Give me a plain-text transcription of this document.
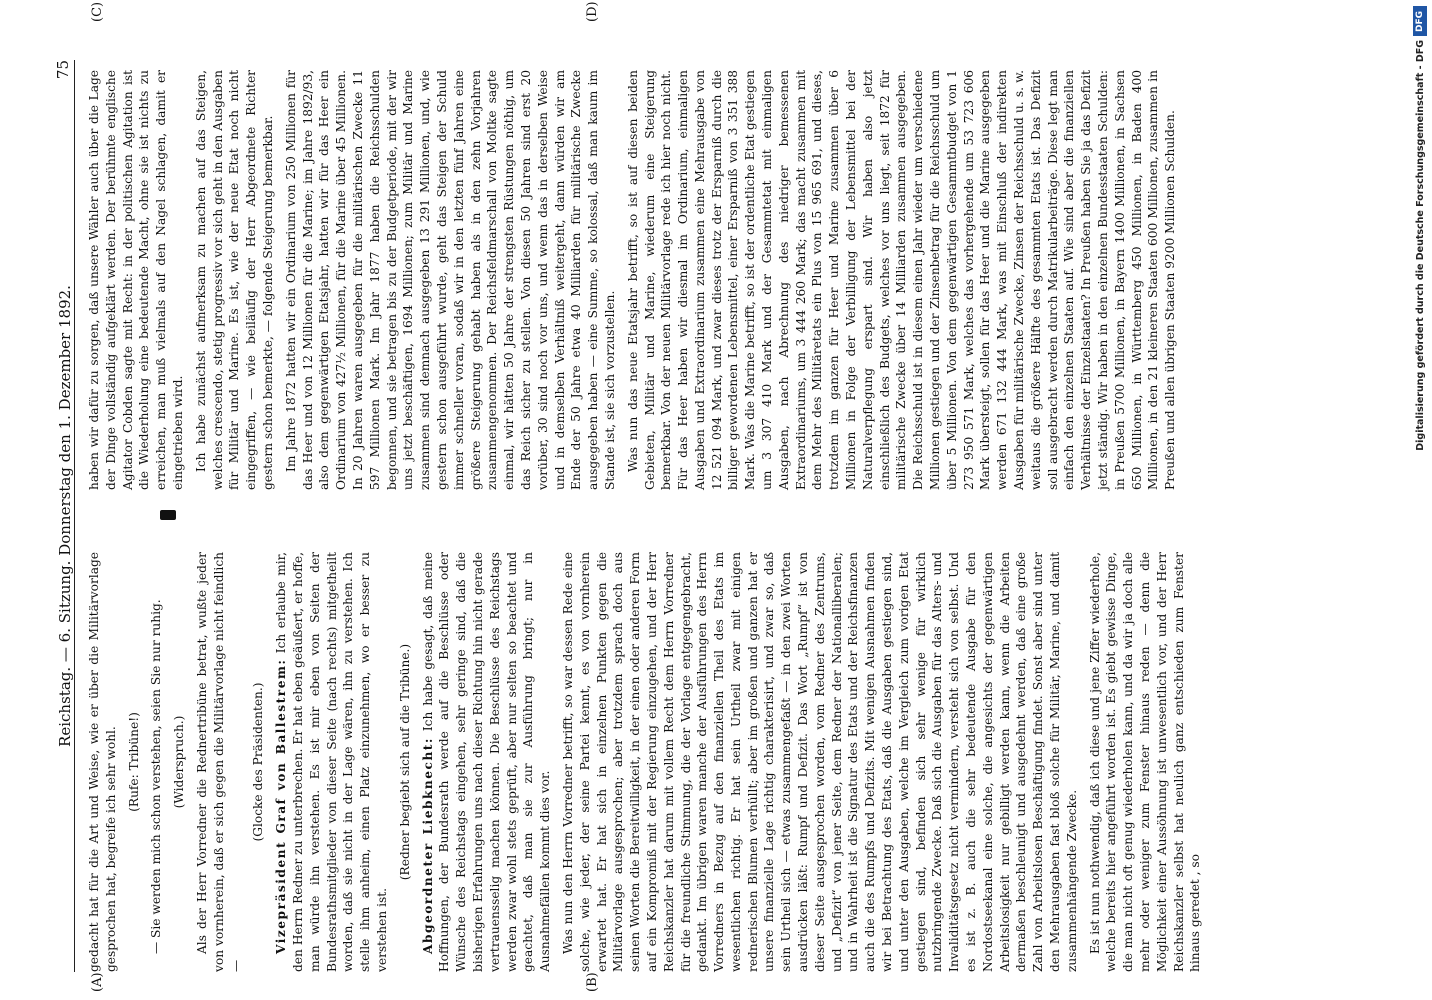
Reichstag. — 6. Sitzung. Donnerstag den 1. Dezember 1892.
75
(A)	(B)
(C)	(D)

gedacht hat für die Art und Weise, wie er über die Militärvorlage gesprochen hat, begreife ich sehr wohl. (Rufe: Tribüne!) — Sie werden mich schon verstehen, seien Sie nur ruhig. (Widerspruch.) Als der Herr Vorredner die Rednertribüne betrat, wußte jeder von vornherein, daß er sich gegen die Militärvorlage nicht feindlich —

(Glocke des Präsidenten.) Vizepräsident Graf von Ballestrem: Ich erlaube mir, den Herrn Redner zu unterbrechen. Er hat eben geäußert, er hoffe, man würde ihn verstehen. Es ist mir eben von Seiten der Bundesrathsmitglieder von dieser Seite (nach rechts) mitgetheilt worden, daß sie nicht in der Lage wären, ihn zu verstehen. Ich stelle ihm anheim, einen Platz einzunehmen, wo er besser zu verstehen ist.

(Redner begiebt sich auf die Tribüne.) Abgeordneter Liebknecht: Ich habe gesagt, daß meine Hoffnungen, der Bundesrath werde auf die Beschlüsse oder Wünsche des Reichstags eingehen, sehr geringe sind, daß die bisherigen Erfahrungen uns nach dieser Richtung hin nicht gerade vertrauensselig machen können. Die Beschlüsse des Reichstags werden zwar wohl stets geprüft, aber nur selten so beachtet und geachtet, daß man sie zur Ausführung bringt; nur in Ausnahmefällen kommt dies vor. Was nun den Herrn Vorredner betrifft, so war dessen Rede eine solche, wie jeder, der seine Partei kennt, es von vornherein erwartet hat. Er hat sich in einzelnen Punkten gegen die Militärvorlage ausgesprochen; aber trotzdem sprach doch aus seinen Worten die Bereitwilligkeit, in der einen oder anderen Form auf ein Kompromiß mit der Regierung einzugehen, und der Herr Reichskanzler hat darum mit vollem Recht dem Herrn Vorredner für die freundliche Stimmung, die der Vorlage entgegengebracht, gedankt. Im übrigen waren manche der Ausführungen des Herrn Vorredners in Bezug auf den finanziellen Theil des Etats im wesentlichen richtig. Er hat sein Urtheil zwar mit einigen rednerischen Blumen verhüllt; aber im großen und ganzen hat er unsere finanzielle Lage richtig charakterisirt, und zwar so, daß sein Urtheil sich — etwas zusammengefaßt — in den zwei Worten ausdrücken läßt: Rumpf und Defizit. Das Wort „Rumpf“ ist von dieser Seite ausgesprochen worden, vom Redner des Zentrums, und „Defizit“ von jener Seite, dem Redner der Nationalliberalen; und in Wahrheit ist die Signatur des Etats und der Reichsfinanzen auch die des Rumpfs und Defizits. Mit wenigen Ausnahmen finden wir bei Betrachtung des Etats, daß die Ausgaben gestiegen sind, und unter den Ausgaben, welche im Vergleich zum vorigen Etat gestiegen sind, befinden sich sehr wenige für wirklich nutzbringende Zwecke. Daß sich die Ausgaben für das Alters- und Invaliditätsgesetz nicht vermindern, versteht sich von selbst. Und es ist z. B. auch die sehr bedeutende Ausgabe für den Nordostseekanal eine solche, die angesichts der gegenwärtigen Arbeitslosigkeit nur gebilligt werden kann, wenn die Arbeiten dermaßen beschleunigt und ausgedehnt werden, daß eine große Zahl von Arbeitslosen Beschäftigung findet. Sonst aber sind unter den Mehrausgaben fast bloß solche für Militär, Marine, und damit zusammenhängende Zwecke. Es ist nun nothwendig, daß ich diese und jene Ziffer wiederhole, welche bereits hier angeführt worden ist. Es giebt gewisse Dinge, die man nicht oft genug wiederholen kann, und da wir ja doch alle mehr oder weniger zum Fenster hinaus reden — denn die Möglichkeit einer Aussöhnung ist unwesentlich vor, und der Herr Reichskanzler selbst hat neulich ganz entschieden zum Fenster hinaus geredet , so

haben wir dafür zu sorgen, daß unsere Wähler auch über die Lage der Dinge vollständig aufgeklärt werden. Der berühmte englische Agitator Cobden sagte mit Recht: in der politischen Agitation ist die Wiederholung eine bedeutende Macht, ohne sie ist nichts zu erreichen, man muß vielmals auf den Nagel schlagen, damit er eingetrieben wird. Ich habe zunächst aufmerksam zu machen auf das Steigen, welches crescendo, stetig progressiv vor sich geht in den Ausgaben für Militär und Marine. Es ist, wie der neue Etat noch nicht eingegriffen, — wie beiläufig der Herr Abgeordnete Richter gestern schon bemerkte, — folgende Steigerung bemerkbar. Im Jahre 1872 hatten wir ein Ordinarium von 250 Millionen für das Heer und von 12 Millionen für die Marine; im Jahre 1892/93, also dem gegenwärtigen Etatsjahr, hatten wir für das Heer ein Ordinarium von 427½ Millionen, für die Marine über 45 Millionen. In 20 Jahren waren ausgegeben für die militärischen Zwecke 11 597 Millionen Mark. Im Jahr 1877 haben die Reichsschulden begonnen, und sie betragen bis zu der Budgetperiode, mit der wir uns jetzt beschäftigen, 1694 Millionen; zum Militär und Marine zusammen sind demnach ausgegeben 13 291 Millionen, und, wie gestern schon ausgeführt wurde, geht das Steigen der Schuld immer schneller voran, sodaß wir in den letzten fünf Jahren eine größere Steigerung gehabt haben als in den zehn Vorjahren zusammengenommen. Der Reichsfeldmarschall von Moltke sagte einmal, wir hätten 50 Jahre der strengsten Rüstungen nöthig, um das Reich sicher zu stellen. Von diesen 50 Jahren sind erst 20 vorüber, 30 sind noch vor uns, und wenn das in derselben Weise und in demselben Verhältniß weitergeht, dann würden wir am Ende der 50 Jahre etwa 40 Milliarden für militärische Zwecke ausgegeben haben — eine Summe, so kolossal, daß man kaum im Stande ist, sie sich vorzustellen. Was nun das neue Etatsjahr betrifft, so ist auf diesen beiden Gebieten, Militär und Marine, wiederum eine Steigerung bemerkbar. Von der neuen Militärvorlage rede ich hier noch nicht. Für das Heer haben wir diesmal im Ordinarium, einmaligen Ausgaben und Extraordinarium zusammen eine Mehrausgabe von 12 521 094 Mark, und zwar dieses trotz der Ersparniß durch die billiger gewordenen Lebensmittel, einer Ersparniß von 3 351 388 Mark. Was die Marine betrifft, so ist der ordentliche Etat gestiegen um 3 307 410 Mark und der Gesammtetat mit einmaligen Ausgaben, nach Abrechnung des niedriger bemessenen Extraordinariums, um 3 444 260 Mark; das macht zusammen mit dem Mehr des Militäretats ein Plus von 15 965 691, und dieses, trotzdem im ganzen für Heer und Marine zusammen über 6 Millionen in Folge der Verbilligung der Lebensmittel bei der Naturalverpflegung erspart sind. Wir haben also jetzt einschließlich des Budgets, welches vor uns liegt, seit 1872 für militärische Zwecke über 14 Milliarden zusammen ausgegeben. Die Reichsschuld ist in diesem einen Jahr wieder um verschiedene Millionen gestiegen und der Zinsenbetrag für die Reichsschuld um über 5 Millionen. Von dem gegenwärtigen Gesammtbudget von 1 273 950 571 Mark, welches das vorhergehende um 53 723 606 Mark übersteigt, sollen für das Heer und die Marine ausgegeben werden 671 132 444 Mark, was mit Einschluß der indirekten Ausgaben für militärische Zwecke, Zinsen der Reichsschuld u. s. w. weitaus die größere Hälfte des gesammten Etats ist. Das Defizit soll ausgebracht werden durch Matrikularbeiträge. Diese legt man einfach den einzelnen Staaten auf. Wie sind aber die finanziellen Verhältnisse der Einzelstaaten? In Preußen haben Sie ja das Defizit jetzt ständig. Wir haben in den einzelnen Bundesstaaten Schulden: in Preußen 5700 Millionen, in Bayern 1400 Millionen, in Sachsen 650 Millionen, in Württemberg 450 Millionen, in Baden 400 Millionen, in den 21 kleineren Staaten 600 Millionen, zusammen in Preußen und allen übrigen Staaten 9200 Millionen Schulden.

DFG
Digitalisierung gefördert durch die Deutsche Forschungsgemeinschaft - DFG
